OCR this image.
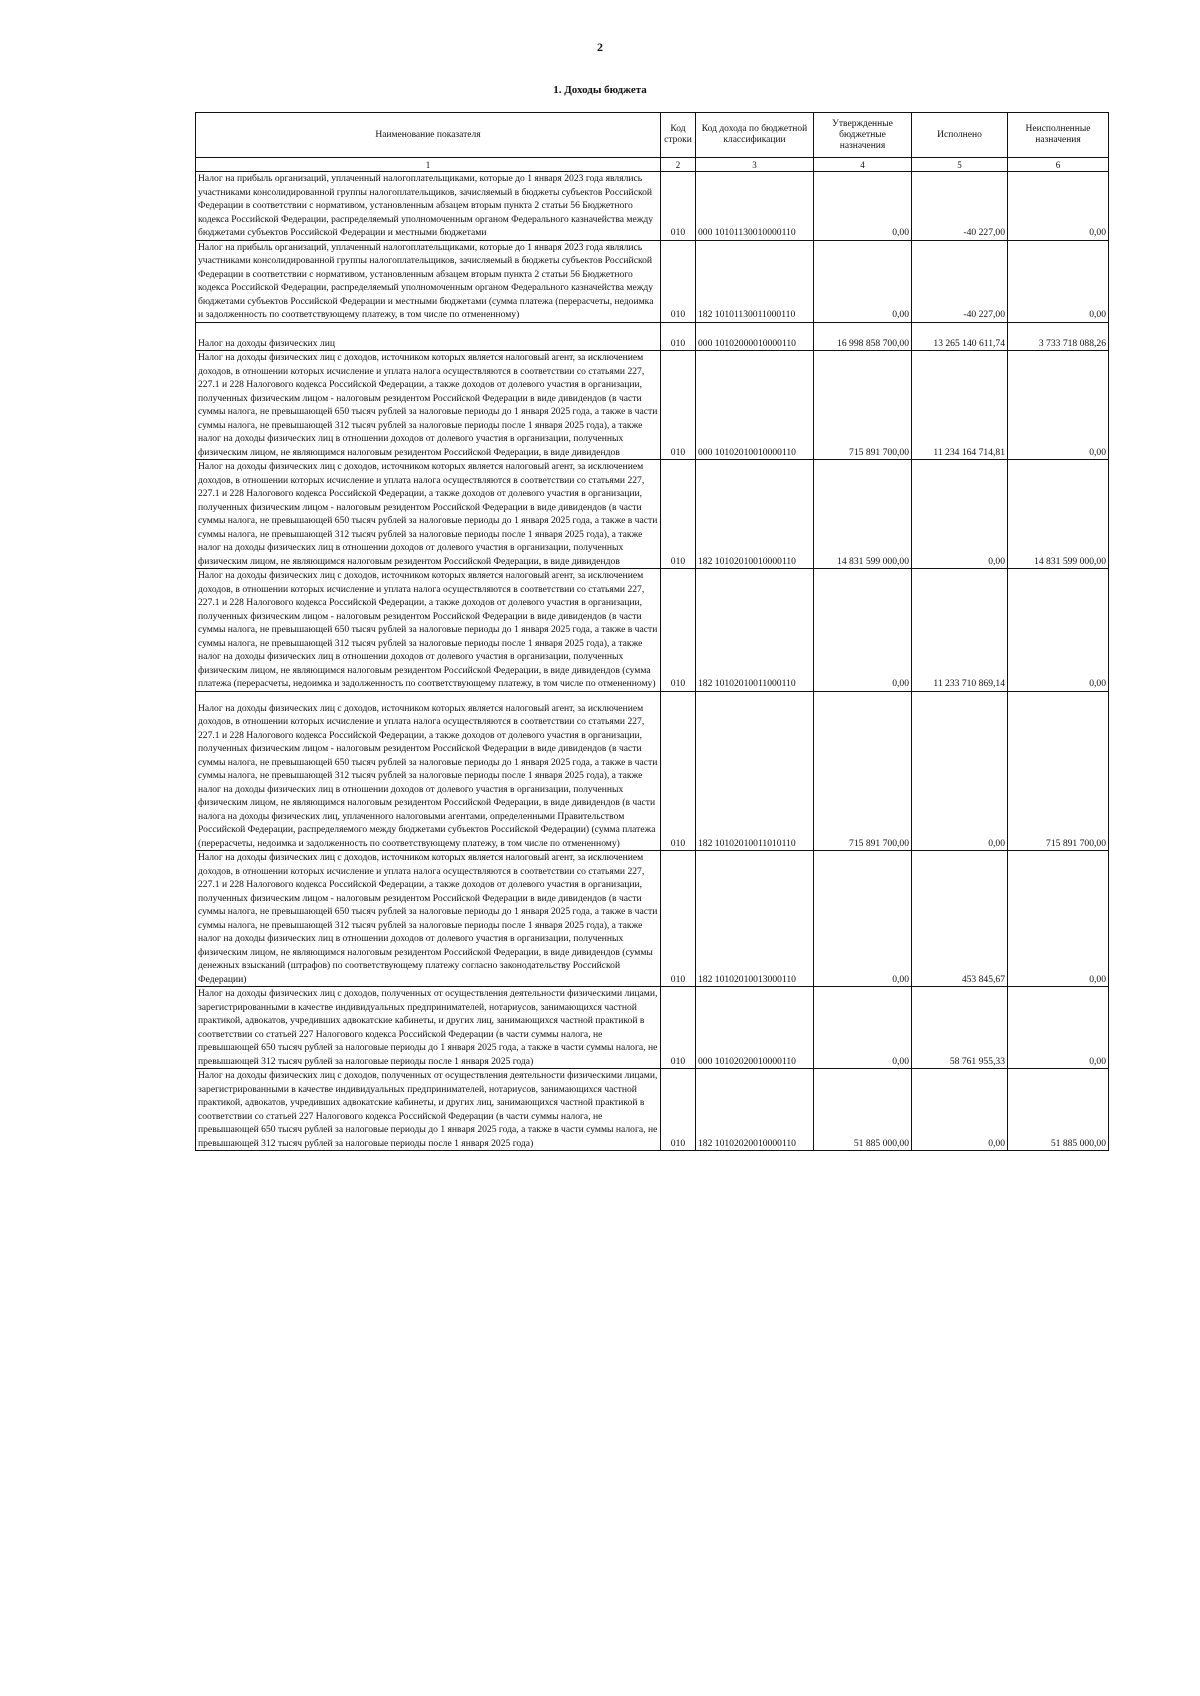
2
1. Доходы бюджета
Наименование показателя	Код строки	Код дохода по бюджетной классификации	Утвержденные бюджетные назначения	Исполнено	Неисполненные назначения
1	2	3	4	5	6
Налог на прибыль организаций, уплаченный налогоплательщиками, которые до 1 января 2023 года являлись участниками консолидированной группы налогоплательщиков, зачисляемый в бюджеты субъектов Российской Федерации в соответствии с нормативом, установленным абзацем вторым пункта 2 статьи 56 Бюджетного кодекса Российской Федерации, распределяемый уполномоченным органом Федерального казначейства между бюджетами субъектов Российской Федерации и местными бюджетами	010	000 10101130010000110	0,00	-40 227,00	0,00
Налог на прибыль организаций, уплаченный налогоплательщиками, которые до 1 января 2023 года являлись участниками консолидированной группы налогоплательщиков, зачисляемый в бюджеты субъектов Российской Федерации в соответствии с нормативом, установленным абзацем вторым пункта 2 статьи 56 Бюджетного кодекса Российской Федерации, распределяемый уполномоченным органом Федерального казначейства между бюджетами субъектов Российской Федерации и местными бюджетами (сумма платежа (перерасчеты, недоимка и задолженность по соответствующему платежу, в том числе по отмененному)	010	182 10101130011000110	0,00	-40 227,00	0,00
Налог на доходы физических лиц	010	000 10102000010000110	16 998 858 700,00	13 265 140 611,74	3 733 718 088,26
Налог на доходы физических лиц с доходов, источником которых является налоговый агент, за исключением доходов, в отношении которых исчисление и уплата налога осуществляются в соответствии со статьями 227, 227.1 и 228 Налогового кодекса Российской Федерации, а также доходов от долевого участия в организации, полученных физическим лицом - налоговым резидентом Российской Федерации в виде дивидендов (в части суммы налога, не превышающей 650 тысяч рублей за налоговые периоды до 1 января 2025 года, а также в части суммы налога, не превышающей 312 тысяч рублей за налоговые периоды после 1 января 2025 года), а также налог на доходы физических лиц в отношении доходов от долевого участия в организации, полученных физическим лицом, не являющимся налоговым резидентом Российской Федерации, в виде дивидендов	010	000 10102010010000110	715 891 700,00	11 234 164 714,81	0,00
Налог на доходы физических лиц с доходов, источником которых является налоговый агент, за исключением доходов, в отношении которых исчисление и уплата налога осуществляются в соответствии со статьями 227, 227.1 и 228 Налогового кодекса Российской Федерации, а также доходов от долевого участия в организации, полученных физическим лицом - налоговым резидентом Российской Федерации в виде дивидендов (в части суммы налога, не превышающей 650 тысяч рублей за налоговые периоды до 1 января 2025 года, а также в части суммы налога, не превышающей 312 тысяч рублей за налоговые периоды после 1 января 2025 года), а также налог на доходы физических лиц в отношении доходов от долевого участия в организации, полученных физическим лицом, не являющимся налоговым резидентом Российской Федерации, в виде дивидендов	010	182 10102010010000110	14 831 599 000,00	0,00	14 831 599 000,00
Налог на доходы физических лиц с доходов, источником которых является налоговый агент, за исключением доходов, в отношении которых исчисление и уплата налога осуществляются в соответствии со статьями 227, 227.1 и 228 Налогового кодекса Российской Федерации, а также доходов от долевого участия в организации, полученных физическим лицом - налоговым резидентом Российской Федерации в виде дивидендов (в части суммы налога, не превышающей 650 тысяч рублей за налоговые периоды до 1 января 2025 года, а также в части суммы налога, не превышающей 312 тысяч рублей за налоговые периоды после 1 января 2025 года), а также налог на доходы физических лиц в отношении доходов от долевого участия в организации, полученных физическим лицом, не являющимся налоговым резидентом Российской Федерации, в виде дивидендов (сумма платежа (перерасчеты, недоимка и задолженность по соответствующему платежу, в том числе по отмененному)	010	182 10102010011000110	0,00	11 233 710 869,14	0,00
Налог на доходы физических лиц с доходов, источником которых является налоговый агент, за исключением доходов, в отношении которых исчисление и уплата налога осуществляются в соответствии со статьями 227, 227.1 и 228 Налогового кодекса Российской Федерации, а также доходов от долевого участия в организации, полученных физическим лицом - налоговым резидентом Российской Федерации в виде дивидендов (в части суммы налога, не превышающей 650 тысяч рублей за налоговые периоды до 1 января 2025 года, а также в части суммы налога, не превышающей 312 тысяч рублей за налоговые периоды после 1 января 2025 года), а также налог на доходы физических лиц в отношении доходов от долевого участия в организации, полученных физическим лицом, не являющимся налоговым резидентом Российской Федерации, в виде дивидендов (в части налога на доходы физических лиц, уплаченного налоговыми агентами, определенными Правительством Российской Федерации, распределяемого между бюджетами субъектов Российской Федерации) (сумма платежа (перерасчеты, недоимка и задолженность по соответствующему платежу, в том числе по отмененному)	010	182 10102010011010110	715 891 700,00	0,00	715 891 700,00
Налог на доходы физических лиц с доходов, источником которых является налоговый агент, за исключением доходов, в отношении которых исчисление и уплата налога осуществляются в соответствии со статьями 227, 227.1 и 228 Налогового кодекса Российской Федерации, а также доходов от долевого участия в организации, полученных физическим лицом - налоговым резидентом Российской Федерации в виде дивидендов (в части суммы налога, не превышающей 650 тысяч рублей за налоговые периоды до 1 января 2025 года, а также в части суммы налога, не превышающей 312 тысяч рублей за налоговые периоды после 1 января 2025 года), а также налог на доходы физических лиц в отношении доходов от долевого участия в организации, полученных физическим лицом, не являющимся налоговым резидентом Российской Федерации, в виде дивидендов (суммы денежных взысканий (штрафов) по соответствующему платежу согласно законодательству Российской Федерации)	010	182 10102010013000110	0,00	453 845,67	0,00
Налог на доходы физических лиц с доходов, полученных от осуществления деятельности физическими лицами, зарегистрированными в качестве индивидуальных предпринимателей, нотариусов, занимающихся частной практикой, адвокатов, учредивших адвокатские кабинеты, и других лиц, занимающихся частной практикой в соответствии со статьей 227 Налогового кодекса Российской Федерации (в части суммы налога, не превышающей 650 тысяч рублей за налоговые периоды до 1 января 2025 года, а также в части суммы налога, не превышающей 312 тысяч рублей за налоговые периоды после 1 января 2025 года)	010	000 10102020010000110	0,00	58 761 955,33	0,00
Налог на доходы физических лиц с доходов, полученных от осуществления деятельности физическими лицами, зарегистрированными в качестве индивидуальных предпринимателей, нотариусов, занимающихся частной практикой, адвокатов, учредивших адвокатские кабинеты, и других лиц, занимающихся частной практикой в соответствии со статьей 227 Налогового кодекса Российской Федерации (в части суммы налога, не превышающей 650 тысяч рублей за налоговые периоды до 1 января 2025 года, а также в части суммы налога, не превышающей 312 тысяч рублей за налоговые периоды после 1 января 2025 года)	010	182 10102020010000110	51 885 000,00	0,00	51 885 000,00
